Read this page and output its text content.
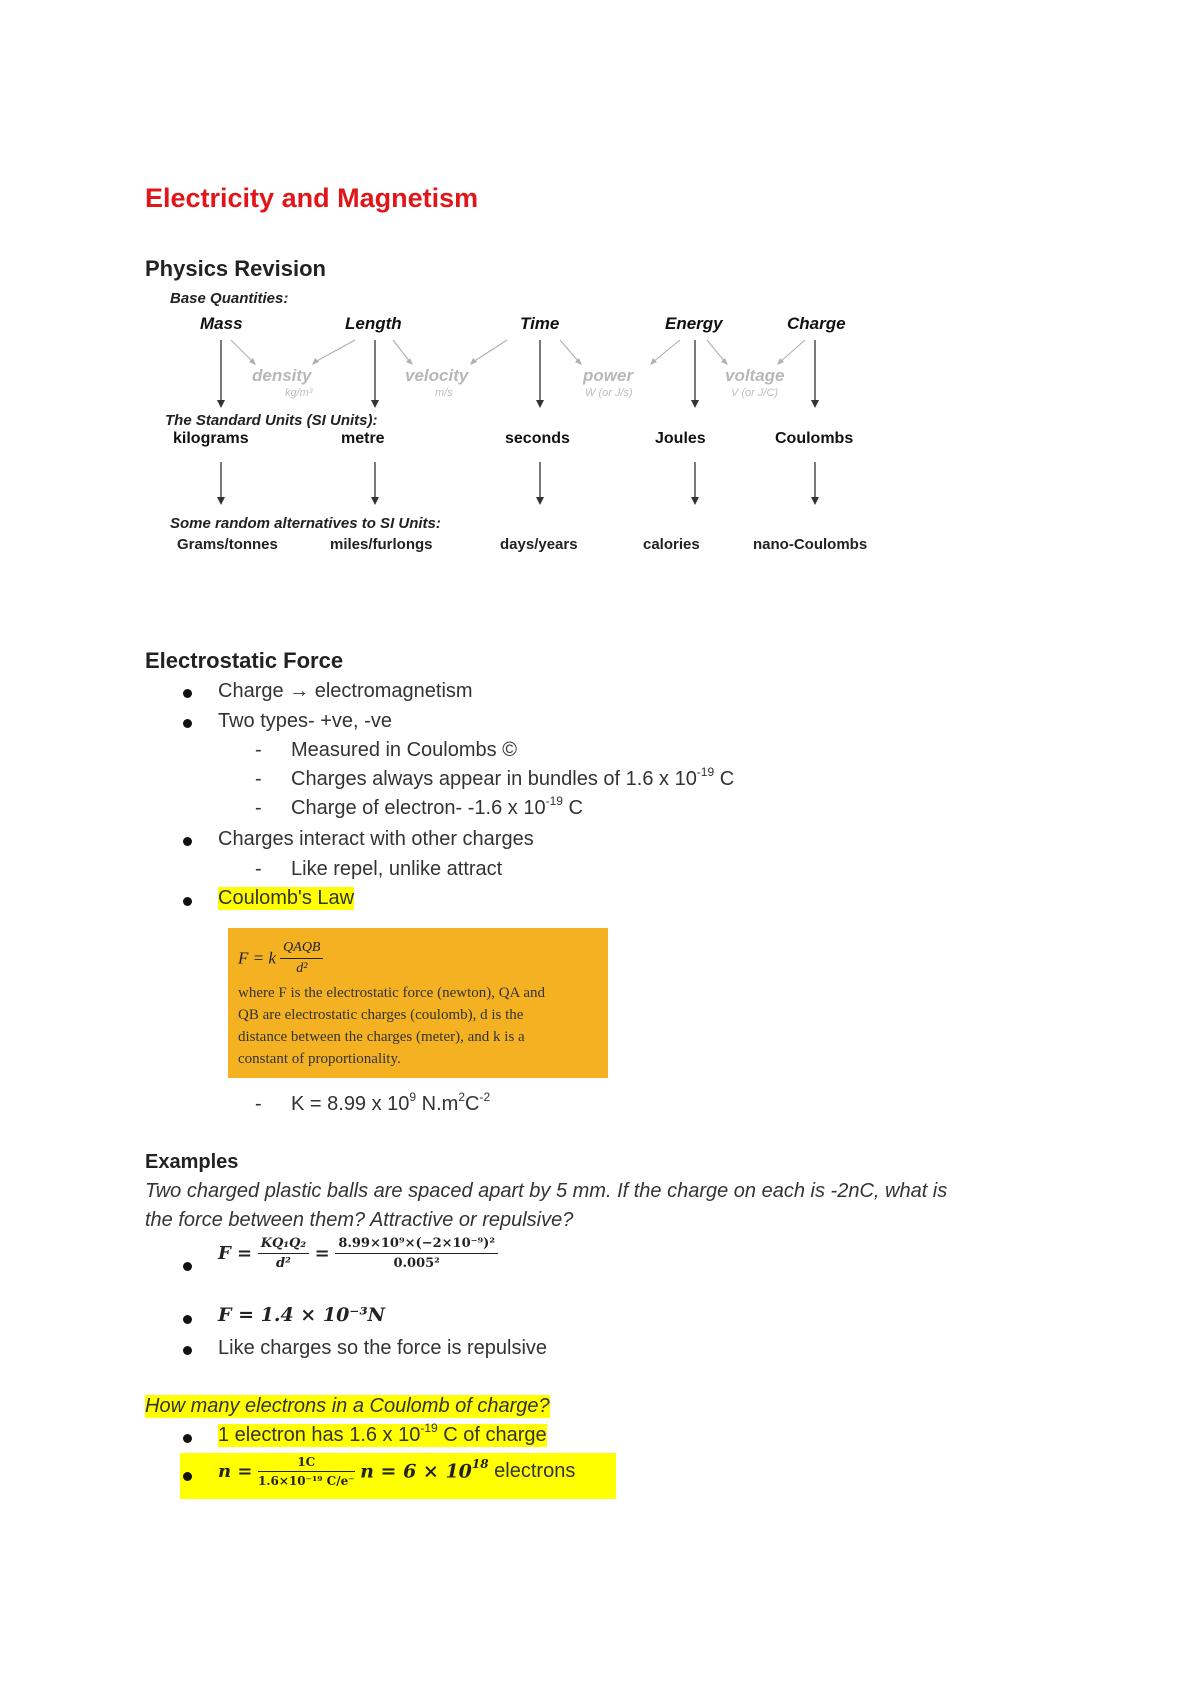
Electricity and Magnetism
Physics Revision
Base Quantities:
Mass	Length	Time	Energy	Charge
density
kg/m³
velocity
m/s
power
W (or J/s)
voltage
V (or J/C)
The Standard Units (SI Units):
kilograms	metre	seconds	Joules	Coulombs
Some random alternatives to SI Units:
Grams/tonnes	miles/furlongs	days/years	calories	nano-Coulombs
Electrostatic Force
Charge → electromagnetism
Two types- +ve, -ve
- Measured in Coulombs ©
- Charges always appear in bundles of 1.6 x $10^{-19}$ C
- Charge of electron- -1.6 x $10^{-19}$ C
Charges interact with other charges
- Like repel, unlike attract
Coulomb's Law
F = k $\frac{\text{QAQB}}{\text{d²}}$
where F is the electrostatic force (newton), QA and
QB are electrostatic charges (coulomb), d is the
distance between the charges (meter), and k is a
constant of proportionality.
- K = 8.99 x $10^9$ $N.m^2C^{-2}$
Examples
Two charged plastic balls are spaced apart by 5 mm. If the charge on each is -2nC, what is
the force between them? Attractive or repulsive?
$F = \frac{\text{KQ₁Q₂}}{\text{d²}} = \frac{\text{8.99×10⁹×(−2×10⁻⁹)²}}{\text{0.005²}}$
F = 1.4 × 10⁻³N
Like charges so the force is repulsive
How many electrons in a Coulomb of charge?
1 electron has 1.6 x $10^{-19}$ C of charge
$n = \frac{1C}{\text{1.6×10⁻¹⁹ C/e⁻}}$ $n = 6 \times 10^{18}$ electrons
